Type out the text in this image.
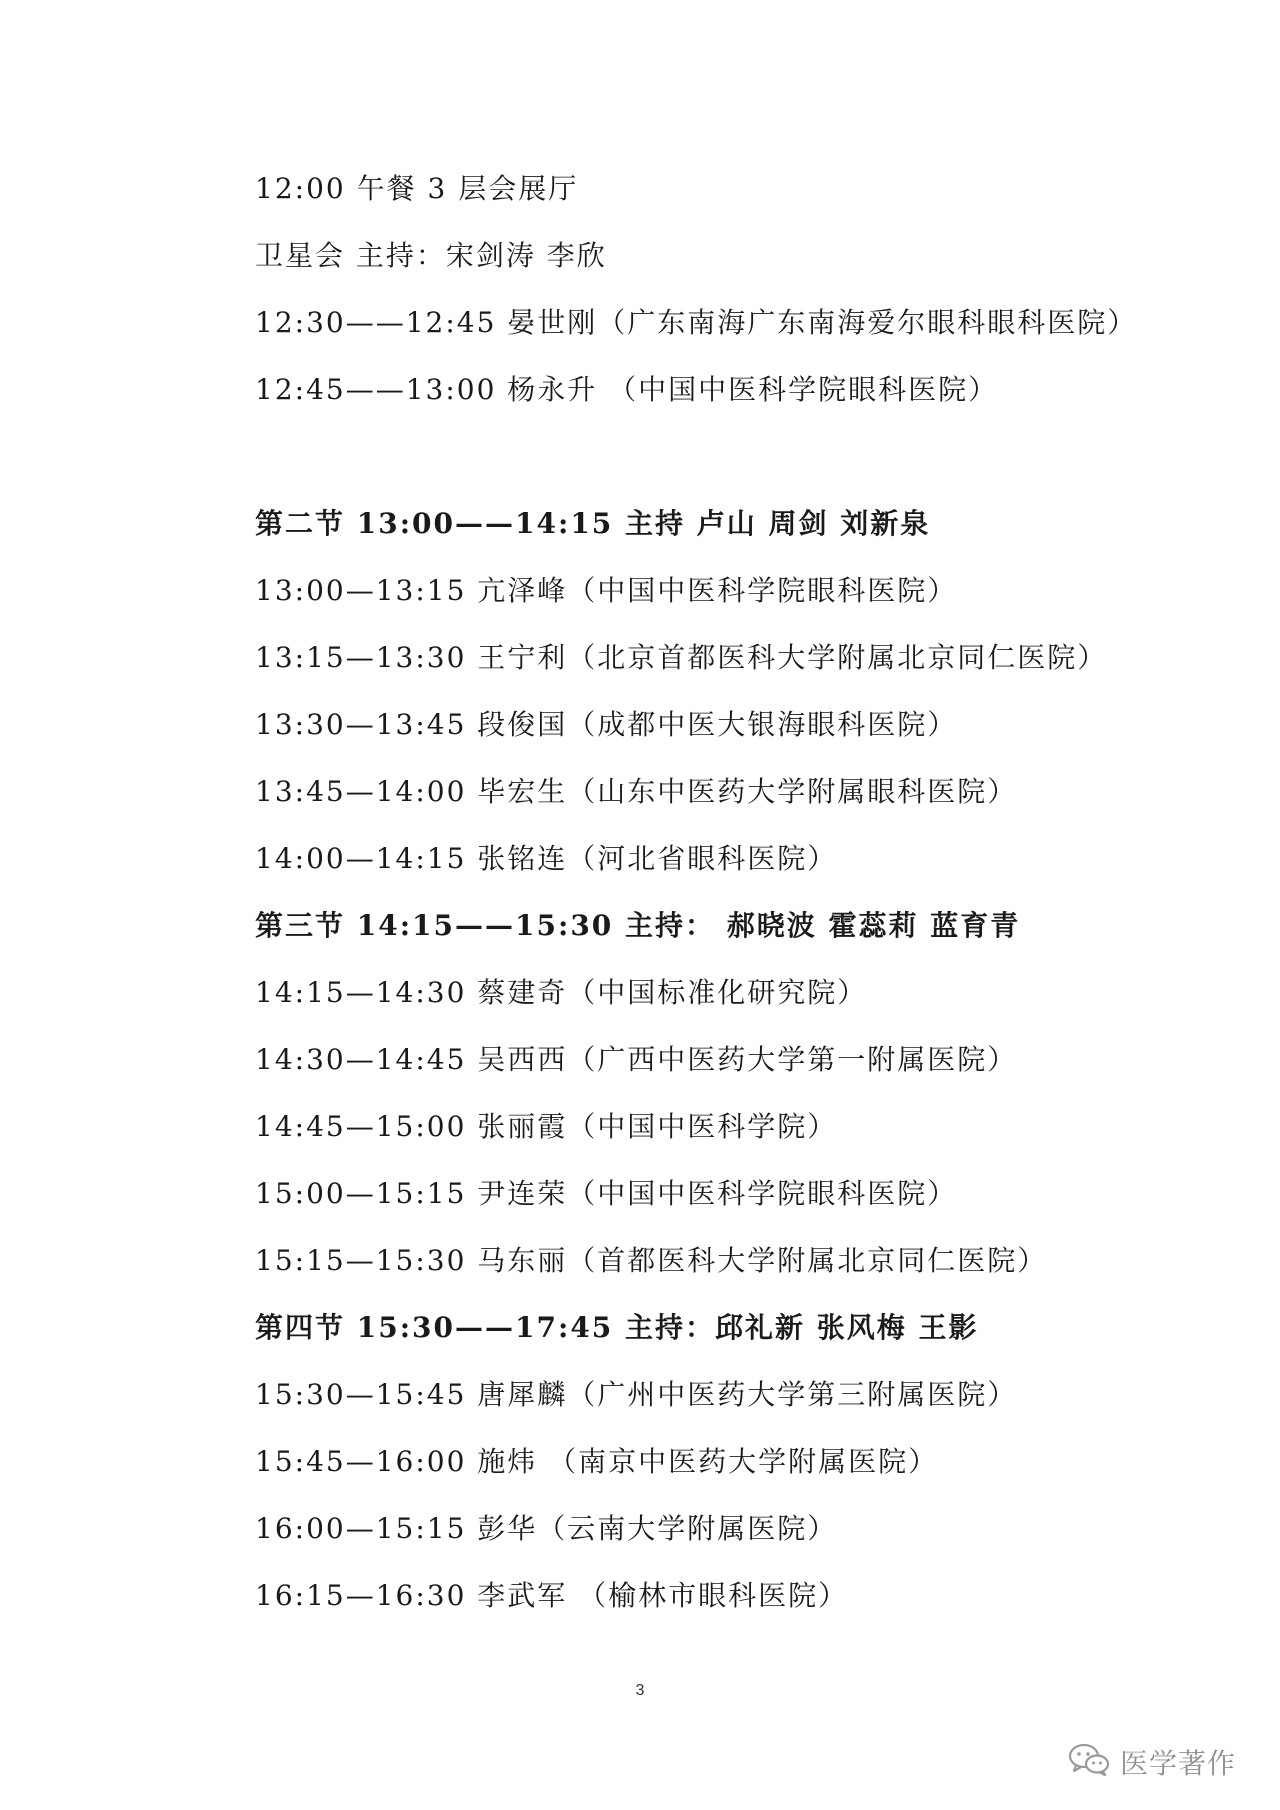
12:00 午餐 3 层会展厅
卫星会 主持：宋剑涛 李欣
12:30——12:45 晏世刚（广东南海广东南海爱尔眼科眼科医院）
12:45——13:00 杨永升 （中国中医科学院眼科医院）
第二节 13:00——14:15 主持 卢山 周剑 刘新泉
13:00—13:15 亢泽峰（中国中医科学院眼科医院）
13:15—13:30 王宁利（北京首都医科大学附属北京同仁医院）
13:30—13:45 段俊国（成都中医大银海眼科医院）
13:45—14:00 毕宏生（山东中医药大学附属眼科医院）
14:00—14:15 张铭连（河北省眼科医院）
第三节 14:15——15:30 主持： 郝晓波 霍蕊莉 蓝育青
14:15—14:30 蔡建奇（中国标准化研究院）
14:30—14:45 吴西西（广西中医药大学第一附属医院）
14:45—15:00 张丽霞（中国中医科学院）
15:00—15:15 尹连荣（中国中医科学院眼科医院）
15:15—15:30 马东丽（首都医科大学附属北京同仁医院）
第四节 15:30——17:45 主持：邱礼新 张风梅 王影
15:30—15:45 唐犀麟（广州中医药大学第三附属医院）
15:45—16:00 施炜 （南京中医药大学附属医院）
16:00—15:15 彭华（云南大学附属医院）
16:15—16:30 李武军 （榆林市眼科医院）
3
医学著作
